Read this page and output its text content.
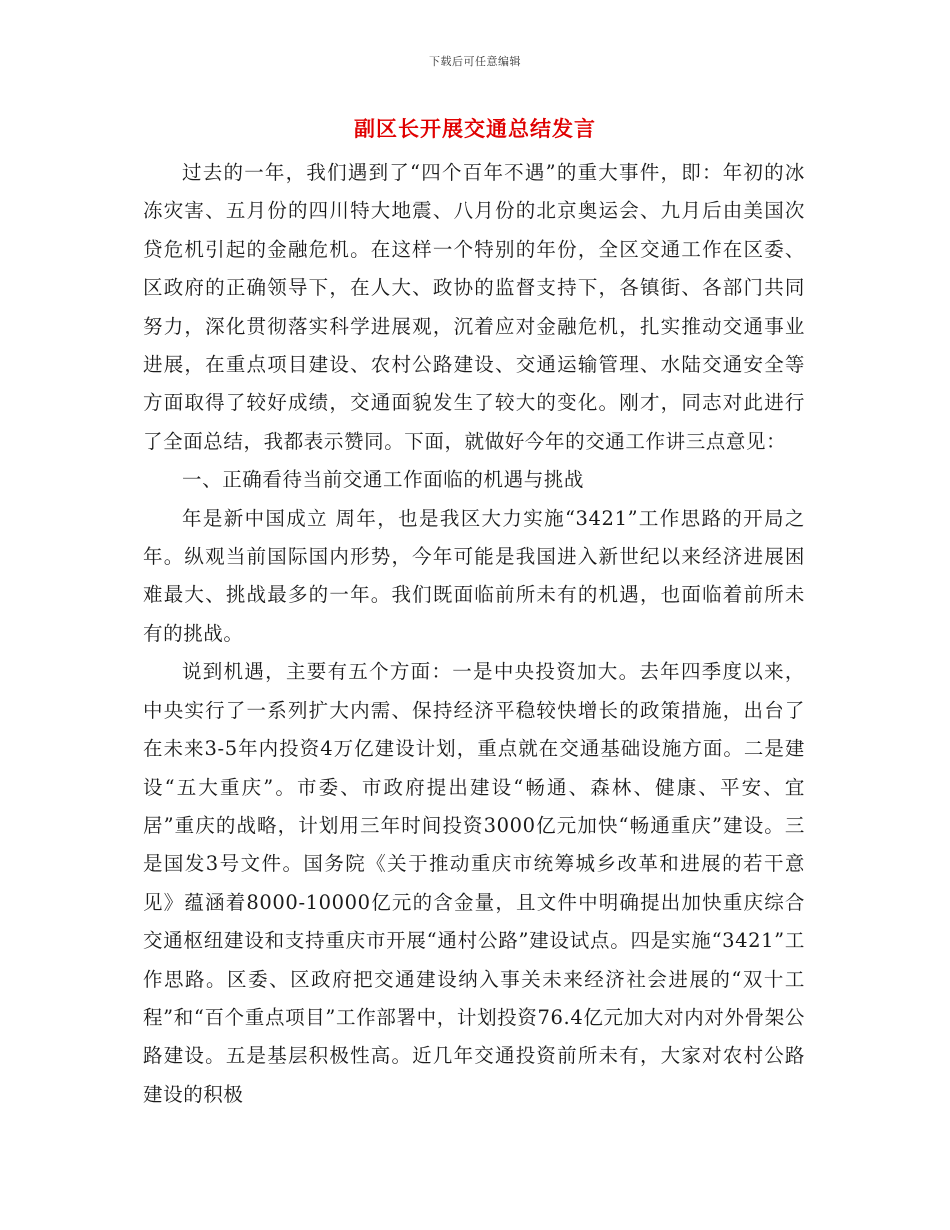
下载后可任意编辑
副区长开展交通总结发言

过去的一年，我们遇到了“四个百年不遇”的重大事件，即：年初的冰冻灾害、五月份的四川特大地震、八月份的北京奥运会、九月后由美国次贷危机引起的金融危机。在这样一个特别的年份，全区交通工作在区委、区政府的正确领导下，在人大、政协的监督支持下，各镇街、各部门共同努力，深化贯彻落实科学进展观，沉着应对金融危机，扎实推动交通事业进展，在重点项目建设、农村公路建设、交通运输管理、水陆交通安全等方面取得了较好成绩，交通面貌发生了较大的变化。刚才，同志对此进行了全面总结，我都表示赞同。下面，就做好今年的交通工作讲三点意见：

一、正确看待当前交通工作面临的机遇与挑战

年是新中国成立 周年，也是我区大力实施“3421”工作思路的开局之年。纵观当前国际国内形势，今年可能是我国进入新世纪以来经济进展困难最大、挑战最多的一年。我们既面临前所未有的机遇，也面临着前所未有的挑战。

说到机遇，主要有五个方面：一是中央投资加大。去年四季度以来，中央实行了一系列扩大内需、保持经济平稳较快增长的政策措施，出台了在未来3-5年内投资4万亿建设计划，重点就在交通基础设施方面。二是建设“五大重庆”。市委、市政府提出建设“畅通、森林、健康、平安、宜居”重庆的战略，计划用三年时间投资3000亿元加快“畅通重庆”建设。三是国发3号文件。国务院《关于推动重庆市统筹城乡改革和进展的若干意见》蕴涵着8000-10000亿元的含金量，且文件中明确提出加快重庆综合交通枢纽建设和支持重庆市开展“通村公路”建设试点。四是实施“3421”工作思路。区委、区政府把交通建设纳入事关未来经济社会进展的“双十工程”和“百个重点项目”工作部署中，计划投资76.4亿元加大对内对外骨架公路建设。五是基层积极性高。近几年交通投资前所未有，大家对农村公路建设的积极
